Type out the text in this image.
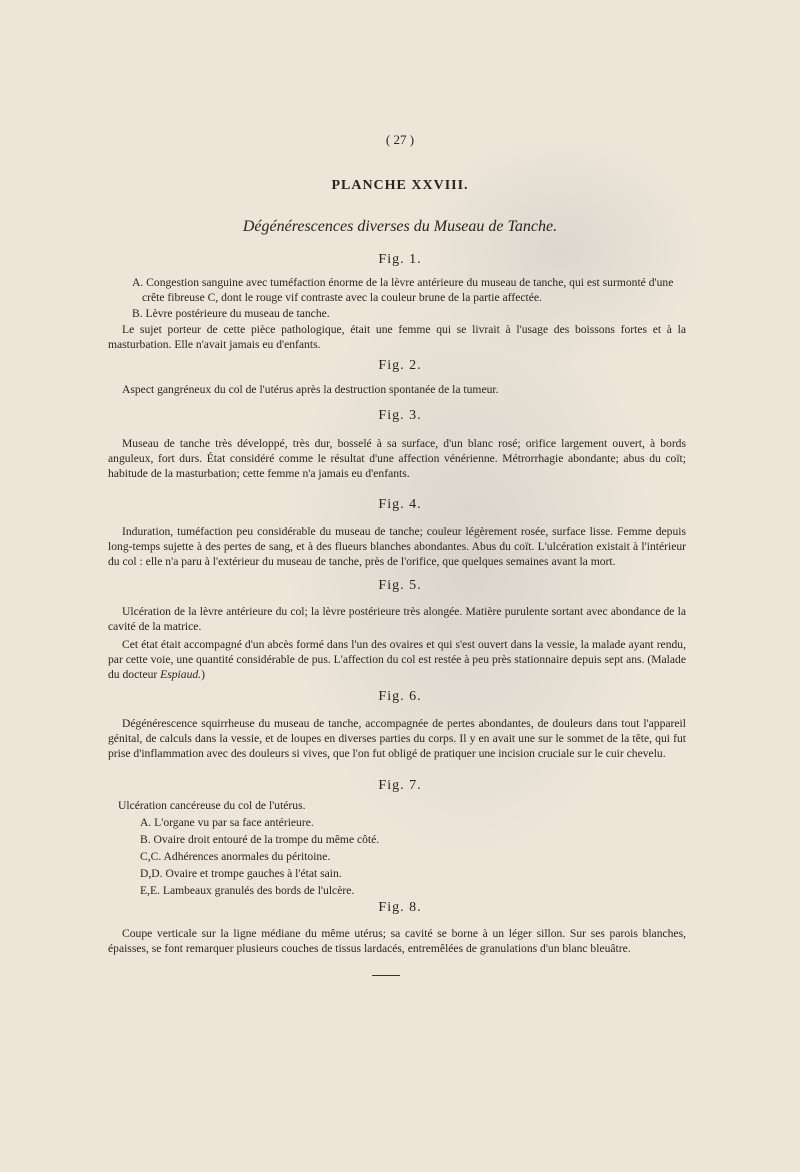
( 27 )
PLANCHE XXVIII.
Dégénérescences diverses du Museau de Tanche.
Fig. 1.
A. Congestion sanguine avec tuméfaction énorme de la lèvre antérieure du museau de tanche, qui est surmonté d'une crête fibreuse C, dont le rouge vif contraste avec la couleur brune de la partie affectée.
B. Lèvre postérieure du museau de tanche.
Le sujet porteur de cette pièce pathologique, était une femme qui se livrait à l'usage des boissons fortes et à la masturbation. Elle n'avait jamais eu d'enfants.
Fig. 2.
Aspect gangréneux du col de l'utérus après la destruction spontanée de la tumeur.
Fig. 3.
Museau de tanche très développé, très dur, bosselé à sa surface, d'un blanc rosé; orifice largement ouvert, à bords anguleux, fort durs. État considéré comme le résultat d'une affection vénérienne. Métrorrhagie abondante; abus du coït; habitude de la masturbation; cette femme n'a jamais eu d'enfants.
Fig. 4.
Induration, tuméfaction peu considérable du museau de tanche; couleur légèrement rosée, surface lisse. Femme depuis long-temps sujette à des pertes de sang, et à des flueurs blanches abondantes. Abus du coït. L'ulcération existait à l'intérieur du col : elle n'a paru à l'extérieur du museau de tanche, près de l'orifice, que quelques semaines avant la mort.
Fig. 5.
Ulcération de la lèvre antérieure du col; la lèvre postérieure très alongée. Matière purulente sortant avec abondance de la cavité de la matrice.
Cet état était accompagné d'un abcès formé dans l'un des ovaires et qui s'est ouvert dans la vessie, la malade ayant rendu, par cette voie, une quantité considérable de pus. L'affection du col est restée à peu près stationnaire depuis sept ans. (Malade du docteur Espiaud.)
Fig. 6.
Dégénérescence squirrheuse du museau de tanche, accompagnée de pertes abondantes, de douleurs dans tout l'appareil génital, de calculs dans la vessie, et de loupes en diverses parties du corps. Il y en avait une sur le sommet de la tête, qui fut prise d'inflammation avec des douleurs si vives, que l'on fut obligé de pratiquer une incision cruciale sur le cuir chevelu.
Fig. 7.
Ulcération cancéreuse du col de l'utérus.
A. L'organe vu par sa face antérieure.
B. Ovaire droit entouré de la trompe du même côté.
C,C. Adhérences anormales du péritoine.
D,D. Ovaire et trompe gauches à l'état sain.
E,E. Lambeaux granulés des bords de l'ulcère.
Fig. 8.
Coupe verticale sur la ligne médiane du même utérus; sa cavité se borne à un léger sillon. Sur ses parois blanches, épaisses, se font remarquer plusieurs couches de tissus lardacés, entremêlées de granulations d'un blanc bleuâtre.
